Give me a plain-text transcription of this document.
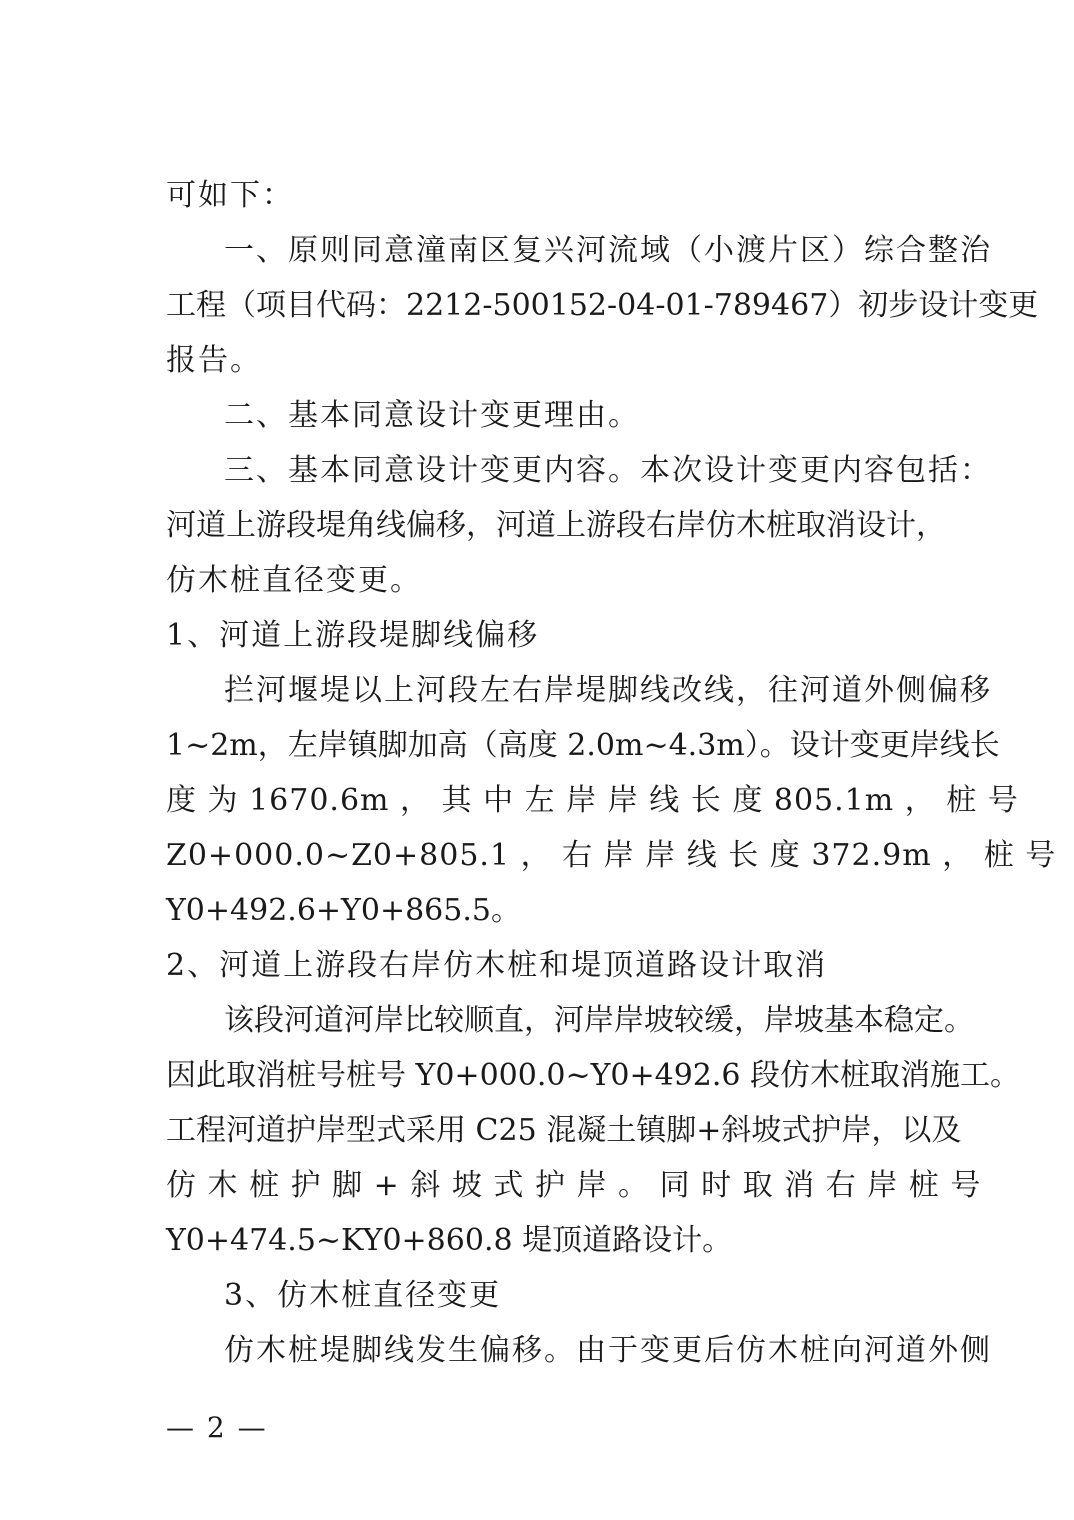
可如下：
一、原则同意潼南区复兴河流域（小渡片区）综合整治
工程（项目代码：2212-500152-04-01-789467）初步设计变更
报告。
二、基本同意设计变更理由。
三、基本同意设计变更内容。本次设计变更内容包括：
河道上游段堤角线偏移，河道上游段右岸仿木桩取消设计，
仿木桩直径变更。
1、河道上游段堤脚线偏移
拦河堰堤以上河段左右岸堤脚线改线，往河道外侧偏移
1~2m，左岸镇脚加高（高度 2.0m~4.3m）。设计变更岸线长
度 为 1670.6m ， 其 中 左 岸 岸 线 长 度 805.1m ， 桩 号
Z0+000.0~Z0+805.1 ， 右 岸 岸 线 长 度 372.9m ， 桩 号
Y0+492.6+Y0+865.5。
2、河道上游段右岸仿木桩和堤顶道路设计取消
该段河道河岸比较顺直，河岸岸坡较缓，岸坡基本稳定。
因此取消桩号桩号 Y0+000.0~Y0+492.6 段仿木桩取消施工。
工程河道护岸型式采用 C25 混凝土镇脚+斜坡式护岸，以及
仿 木 桩 护 脚 + 斜 坡 式 护 岸 。 同 时 取 消 右 岸 桩 号
Y0+474.5~KY0+860.8 堤顶道路设计。
3、仿木桩直径变更
仿木桩堤脚线发生偏移。由于变更后仿木桩向河道外侧
— 2 —
